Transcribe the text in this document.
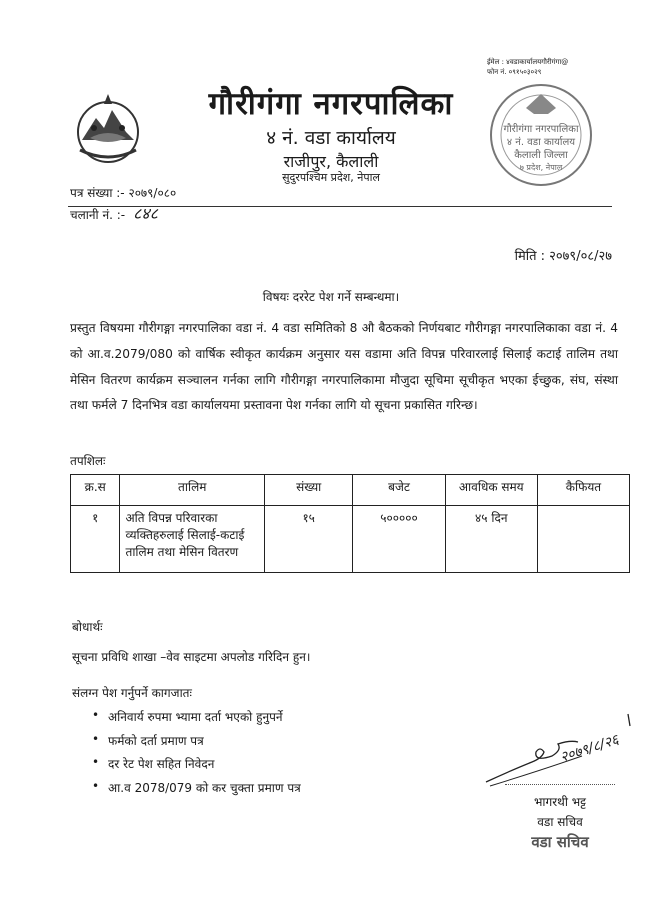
गौरीगंगा नगरपालिका
४ नं. वडा कार्यालय
राजीपुर, कैलाली
सुदुरपश्चिम प्रदेश, नेपाल
ईमेल : ४वडाकार्यालयगौरीगंगा@
फोन नं. ०९१५०३०२९
गौरीगंगा नगरपालिका
४ नं. वडा कार्यालय
कैलाली जिल्ला
७ प्रदेश, नेपाल
पत्र संख्या :- २०७९/०८०
चलानी नं. :- ८४८
मिति : २०७९/०८/२७
विषयः दररेट पेश गर्ने सम्बन्धमा।
प्रस्तुत विषयमा गौरीगङ्गा नगरपालिका वडा नं. 4 वडा समितिको 8 औ बैठकको निर्णयबाट गौरीगङ्गा नगरपालिकाका वडा नं. 4 को आ.व.2079/080 को वार्षिक स्वीकृत कार्यक्रम अनुसार यस वडामा अति विपन्न परिवारलाई सिलाई कटाई तालिम तथा मेसिन वितरण कार्यक्रम सञ्चालन गर्नका लागि गौरीगङ्गा नगरपालिकामा मौजुदा सूचिमा सूचीकृत भएका ईच्छुक, संघ, संस्था तथा फर्मले 7 दिनभित्र वडा कार्यालयमा प्रस्तावना पेश गर्नका लागि यो सूचना प्रकासित गरिन्छ।
तपशिलः
क्र.स	तालिम	संख्या	बजेट	आवधिक समय	कैफियत
१	अति विपन्न परिवारका व्यक्तिहरुलाई सिलाई-कटाई तालिम तथा मेसिन वितरण	१५	५०००००	४५ दिन	
बोधार्थः
सूचना प्रविधि शाखा –वेव साइटमा अपलोड गरिदिन हुन।
संलग्न पेश गर्नुपर्ने कागजातः
• अनिवार्य रुपमा भ्यामा दर्ता भएको हुनुपर्ने
• फर्मको दर्ता प्रमाण पत्र
• दर रेट पेश सहित निवेदन
• आ.व 2078/079 को कर चुक्ता प्रमाण पत्र
२०७९/८/२६
भागरथी भट्ट
वडा सचिव
वडा सचिव
